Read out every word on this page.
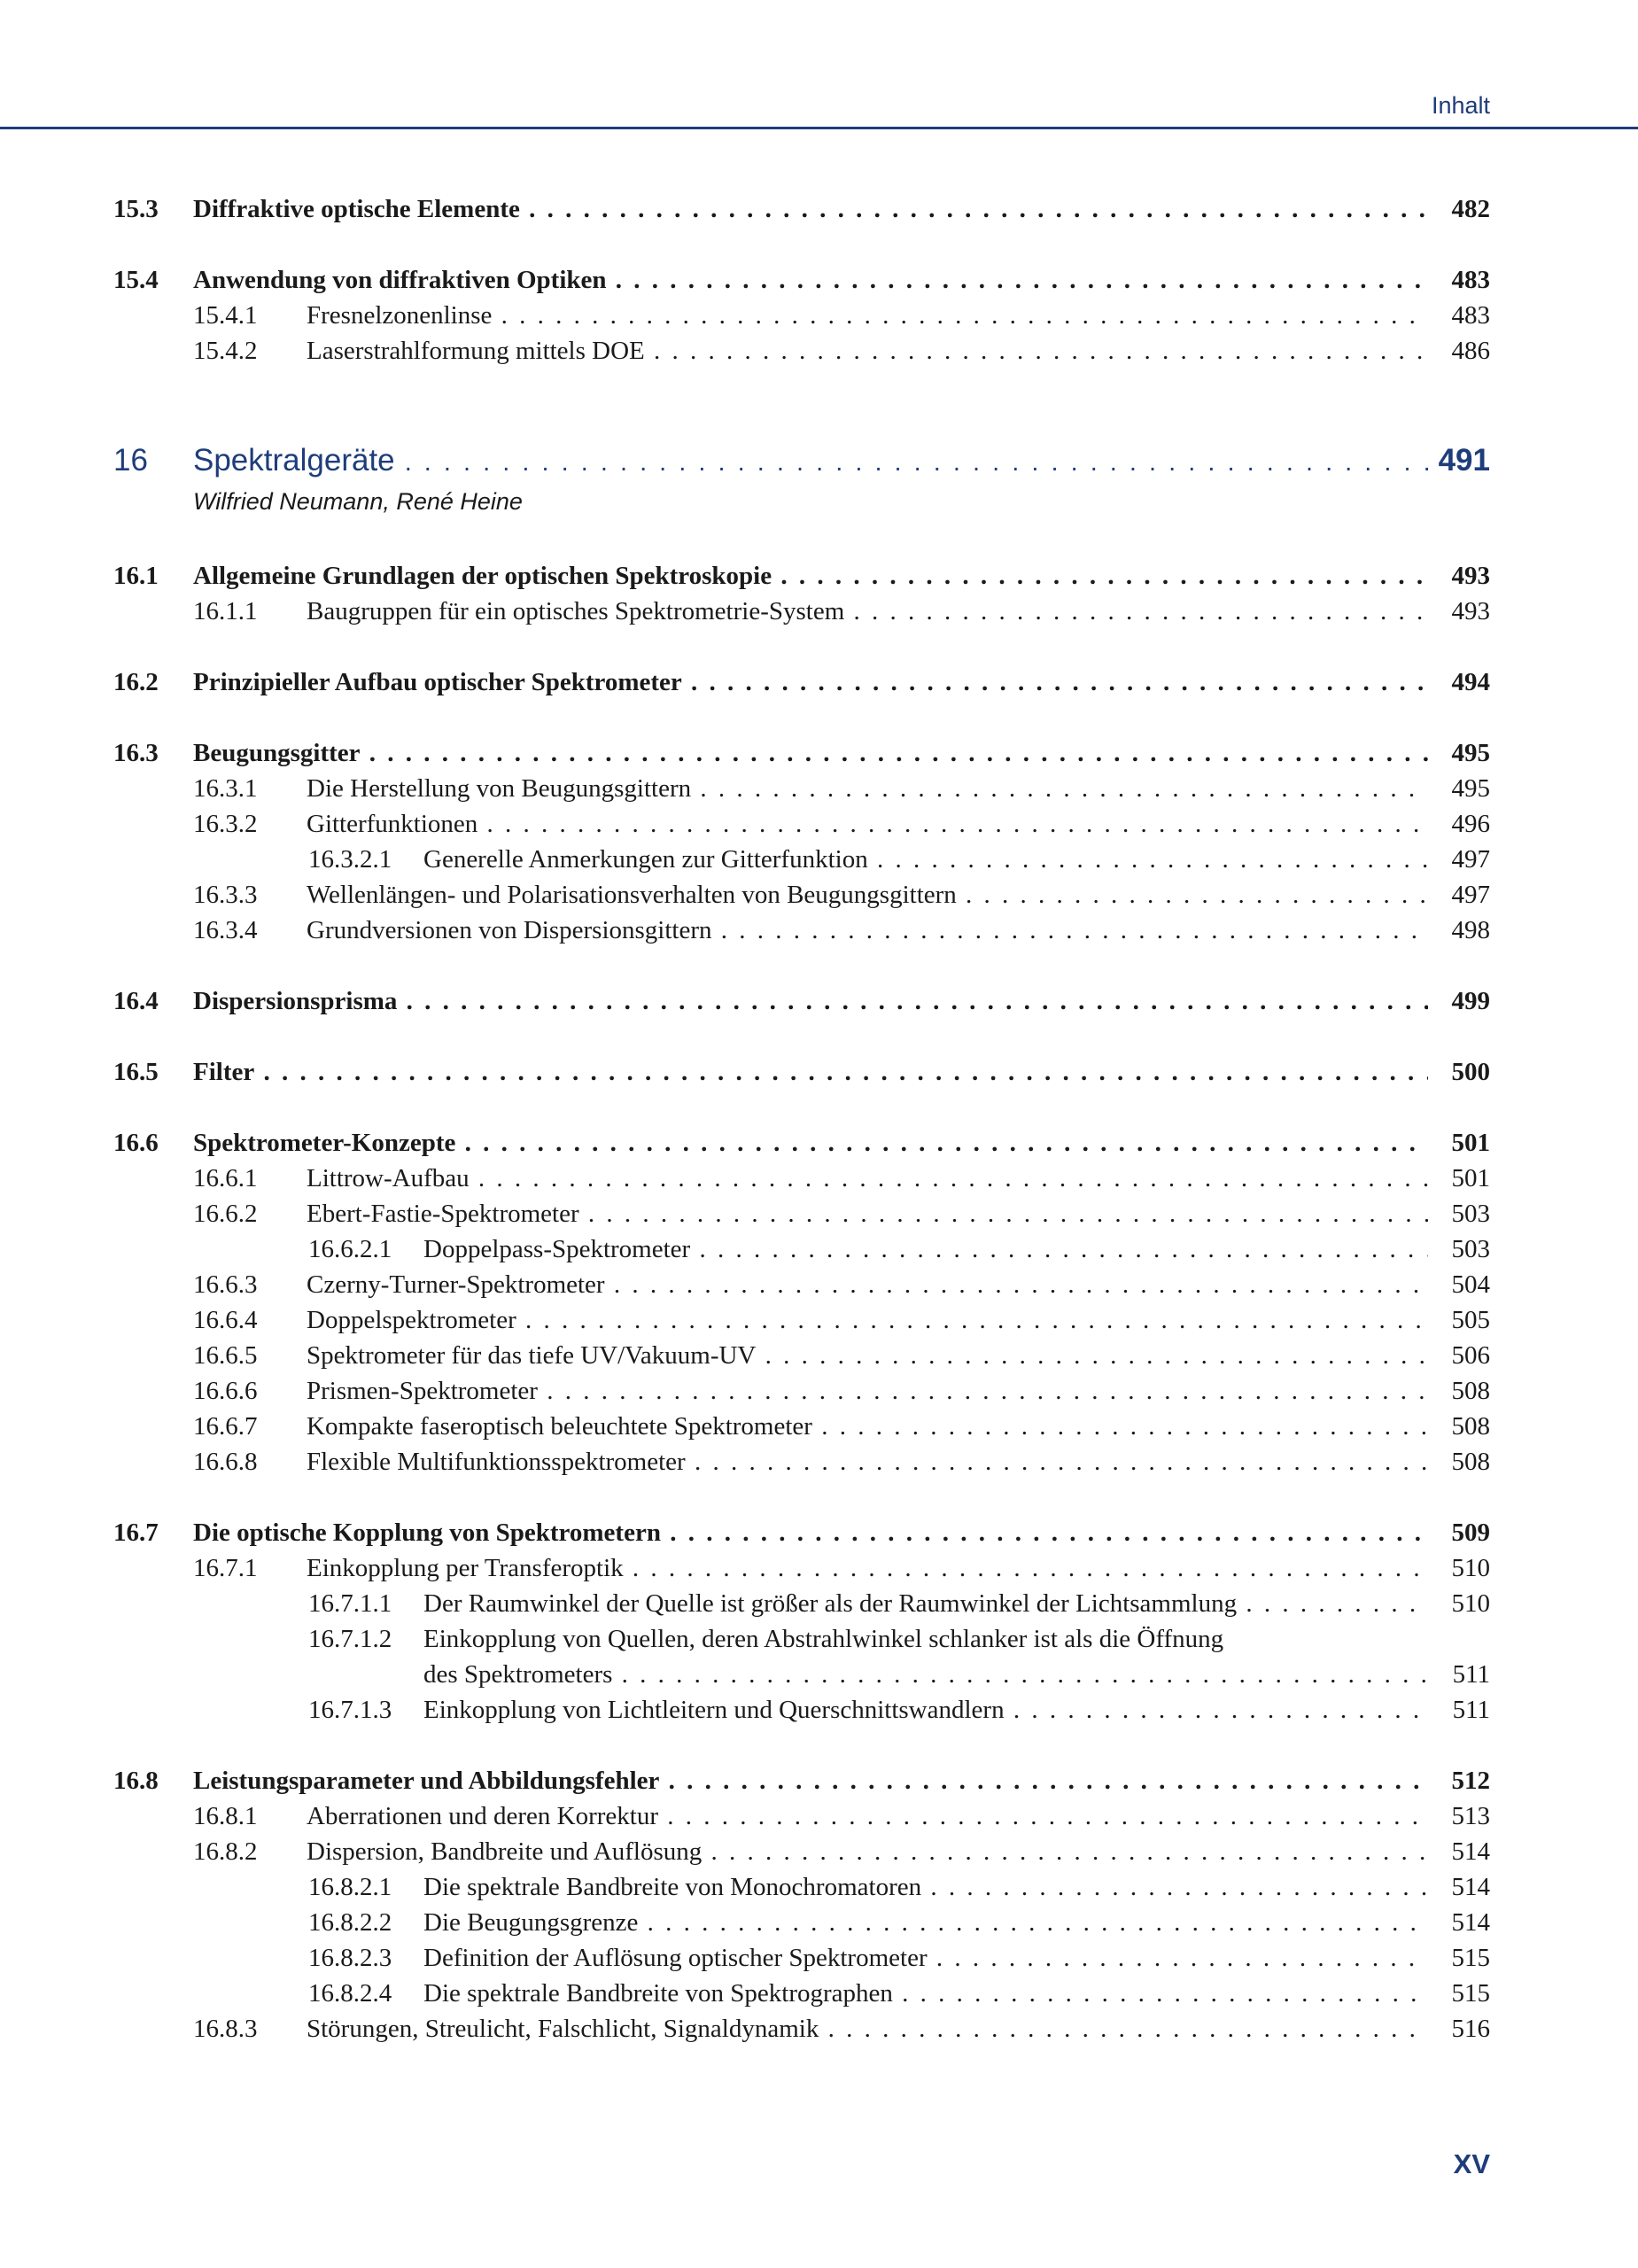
Inhalt
15.3 Diffraktive optische Elemente . . .	482
15.4 Anwendung von diffraktiven Optiken . . .	483
15.4.1 Fresnelzonenlinse . . .	483
15.4.2 Laserstrahlformung mittels DOE . . .	486
16 Spektralgeräte . . .	491
Wilfried Neumann, René Heine
16.1 Allgemeine Grundlagen der optischen Spektroskopie . . .	493
16.1.1 Baugruppen für ein optisches Spektrometrie-System . . .	493
16.2 Prinzipieller Aufbau optischer Spektrometer . . .	494
16.3 Beugungsgitter . . .	495
16.3.1 Die Herstellung von Beugungsgittern . . .	495
16.3.2 Gitterfunktionen . . .	496
16.3.2.1 Generelle Anmerkungen zur Gitterfunktion . . .	497
16.3.3 Wellenlängen- und Polarisationsverhalten von Beugungsgittern . . .	497
16.3.4 Grundversionen von Dispersionsgittern . . .	498
16.4 Dispersionsprisma . . .	499
16.5 Filter . . .	500
16.6 Spektrometer-Konzepte . . .	501
16.6.1 Littrow-Aufbau . . .	501
16.6.2 Ebert-Fastie-Spektrometer . . .	503
16.6.2.1 Doppelpass-Spektrometer . . .	503
16.6.3 Czerny-Turner-Spektrometer . . .	504
16.6.4 Doppelspektrometer . . .	505
16.6.5 Spektrometer für das tiefe UV/Vakuum-UV . . .	506
16.6.6 Prismen-Spektrometer . . .	508
16.6.7 Kompakte faseroptisch beleuchtete Spektrometer . . .	508
16.6.8 Flexible Multifunktionsspektrometer . . .	508
16.7 Die optische Kopplung von Spektrometern . . .	509
16.7.1 Einkopplung per Transferoptik . . .	510
16.7.1.1 Der Raumwinkel der Quelle ist größer als der Raumwinkel der Lichtsammlung . . .	510
16.7.1.2 Einkopplung von Quellen, deren Abstrahlwinkel schlanker ist als die Öffnung
des Spektrometers . . .	511
16.7.1.3 Einkopplung von Lichtleitern und Querschnittswandlern . . .	511
16.8 Leistungsparameter und Abbildungsfehler . . .	512
16.8.1 Aberrationen und deren Korrektur . . .	513
16.8.2 Dispersion, Bandbreite und Auflösung . . .	514
16.8.2.1 Die spektrale Bandbreite von Monochromatoren . . .	514
16.8.2.2 Die Beugungsgrenze . . .	514
16.8.2.3 Definition der Auflösung optischer Spektrometer . . .	515
16.8.2.4 Die spektrale Bandbreite von Spektrographen . . .	515
16.8.3 Störungen, Streulicht, Falschlicht, Signaldynamik . . .	516
XV
